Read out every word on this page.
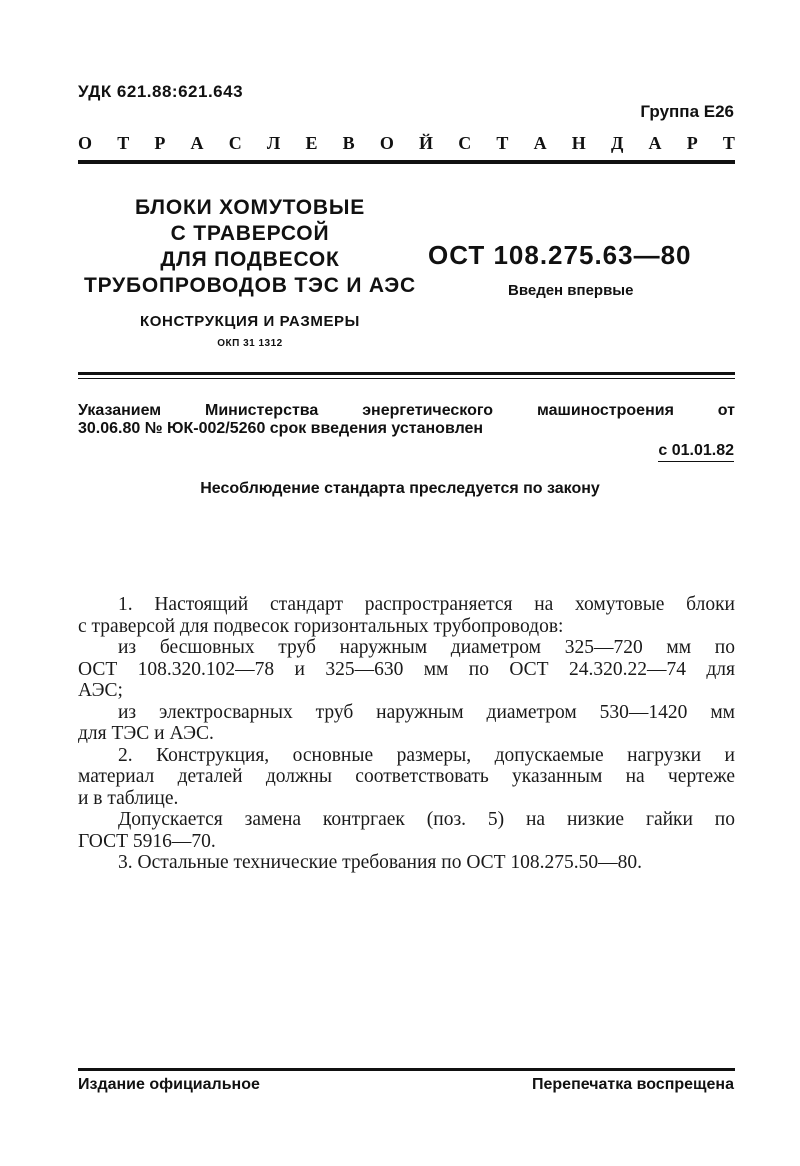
УДК 621.88:621.643
Группа Е26
О Т Р А С Л Е В О Й С Т А Н Д А Р Т
БЛОКИ ХОМУТОВЫЕ
С ТРАВЕРСОЙ
ДЛЯ ПОДВЕСОК
ТРУБОПРОВОДОВ ТЭС И АЭС
КОНСТРУКЦИЯ И РАЗМЕРЫ
ОКП 31 1312
ОСТ 108.275.63—80
Введен впервые
Указанием Министерства энергетического машиностроения от
30.06.80 № ЮК-002/5260 срок введения установлен
с 01.01.82
Несоблюдение стандарта преследуется по закону

1. Настоящий стандарт распространяется на хомутовые блоки

с траверсой для подвесок горизонтальных трубопроводов:

из бесшовных труб наружным диаметром 325—720 мм по

ОСТ 108.320.102—78 и 325—630 мм по ОСТ 24.320.22—74 для

АЭС;

из электросварных труб наружным диаметром 530—1420 мм

для ТЭС и АЭС.

2. Конструкция, основные размеры, допускаемые нагрузки и

материал деталей должны соответствовать указанным на чертеже

и в таблице.

Допускается замена контргаек (поз. 5) на низкие гайки по

ГОСТ 5916—70.

3. Остальные технические требования по ОСТ 108.275.50—80.

Издание официальное	Перепечатка воспрещена
